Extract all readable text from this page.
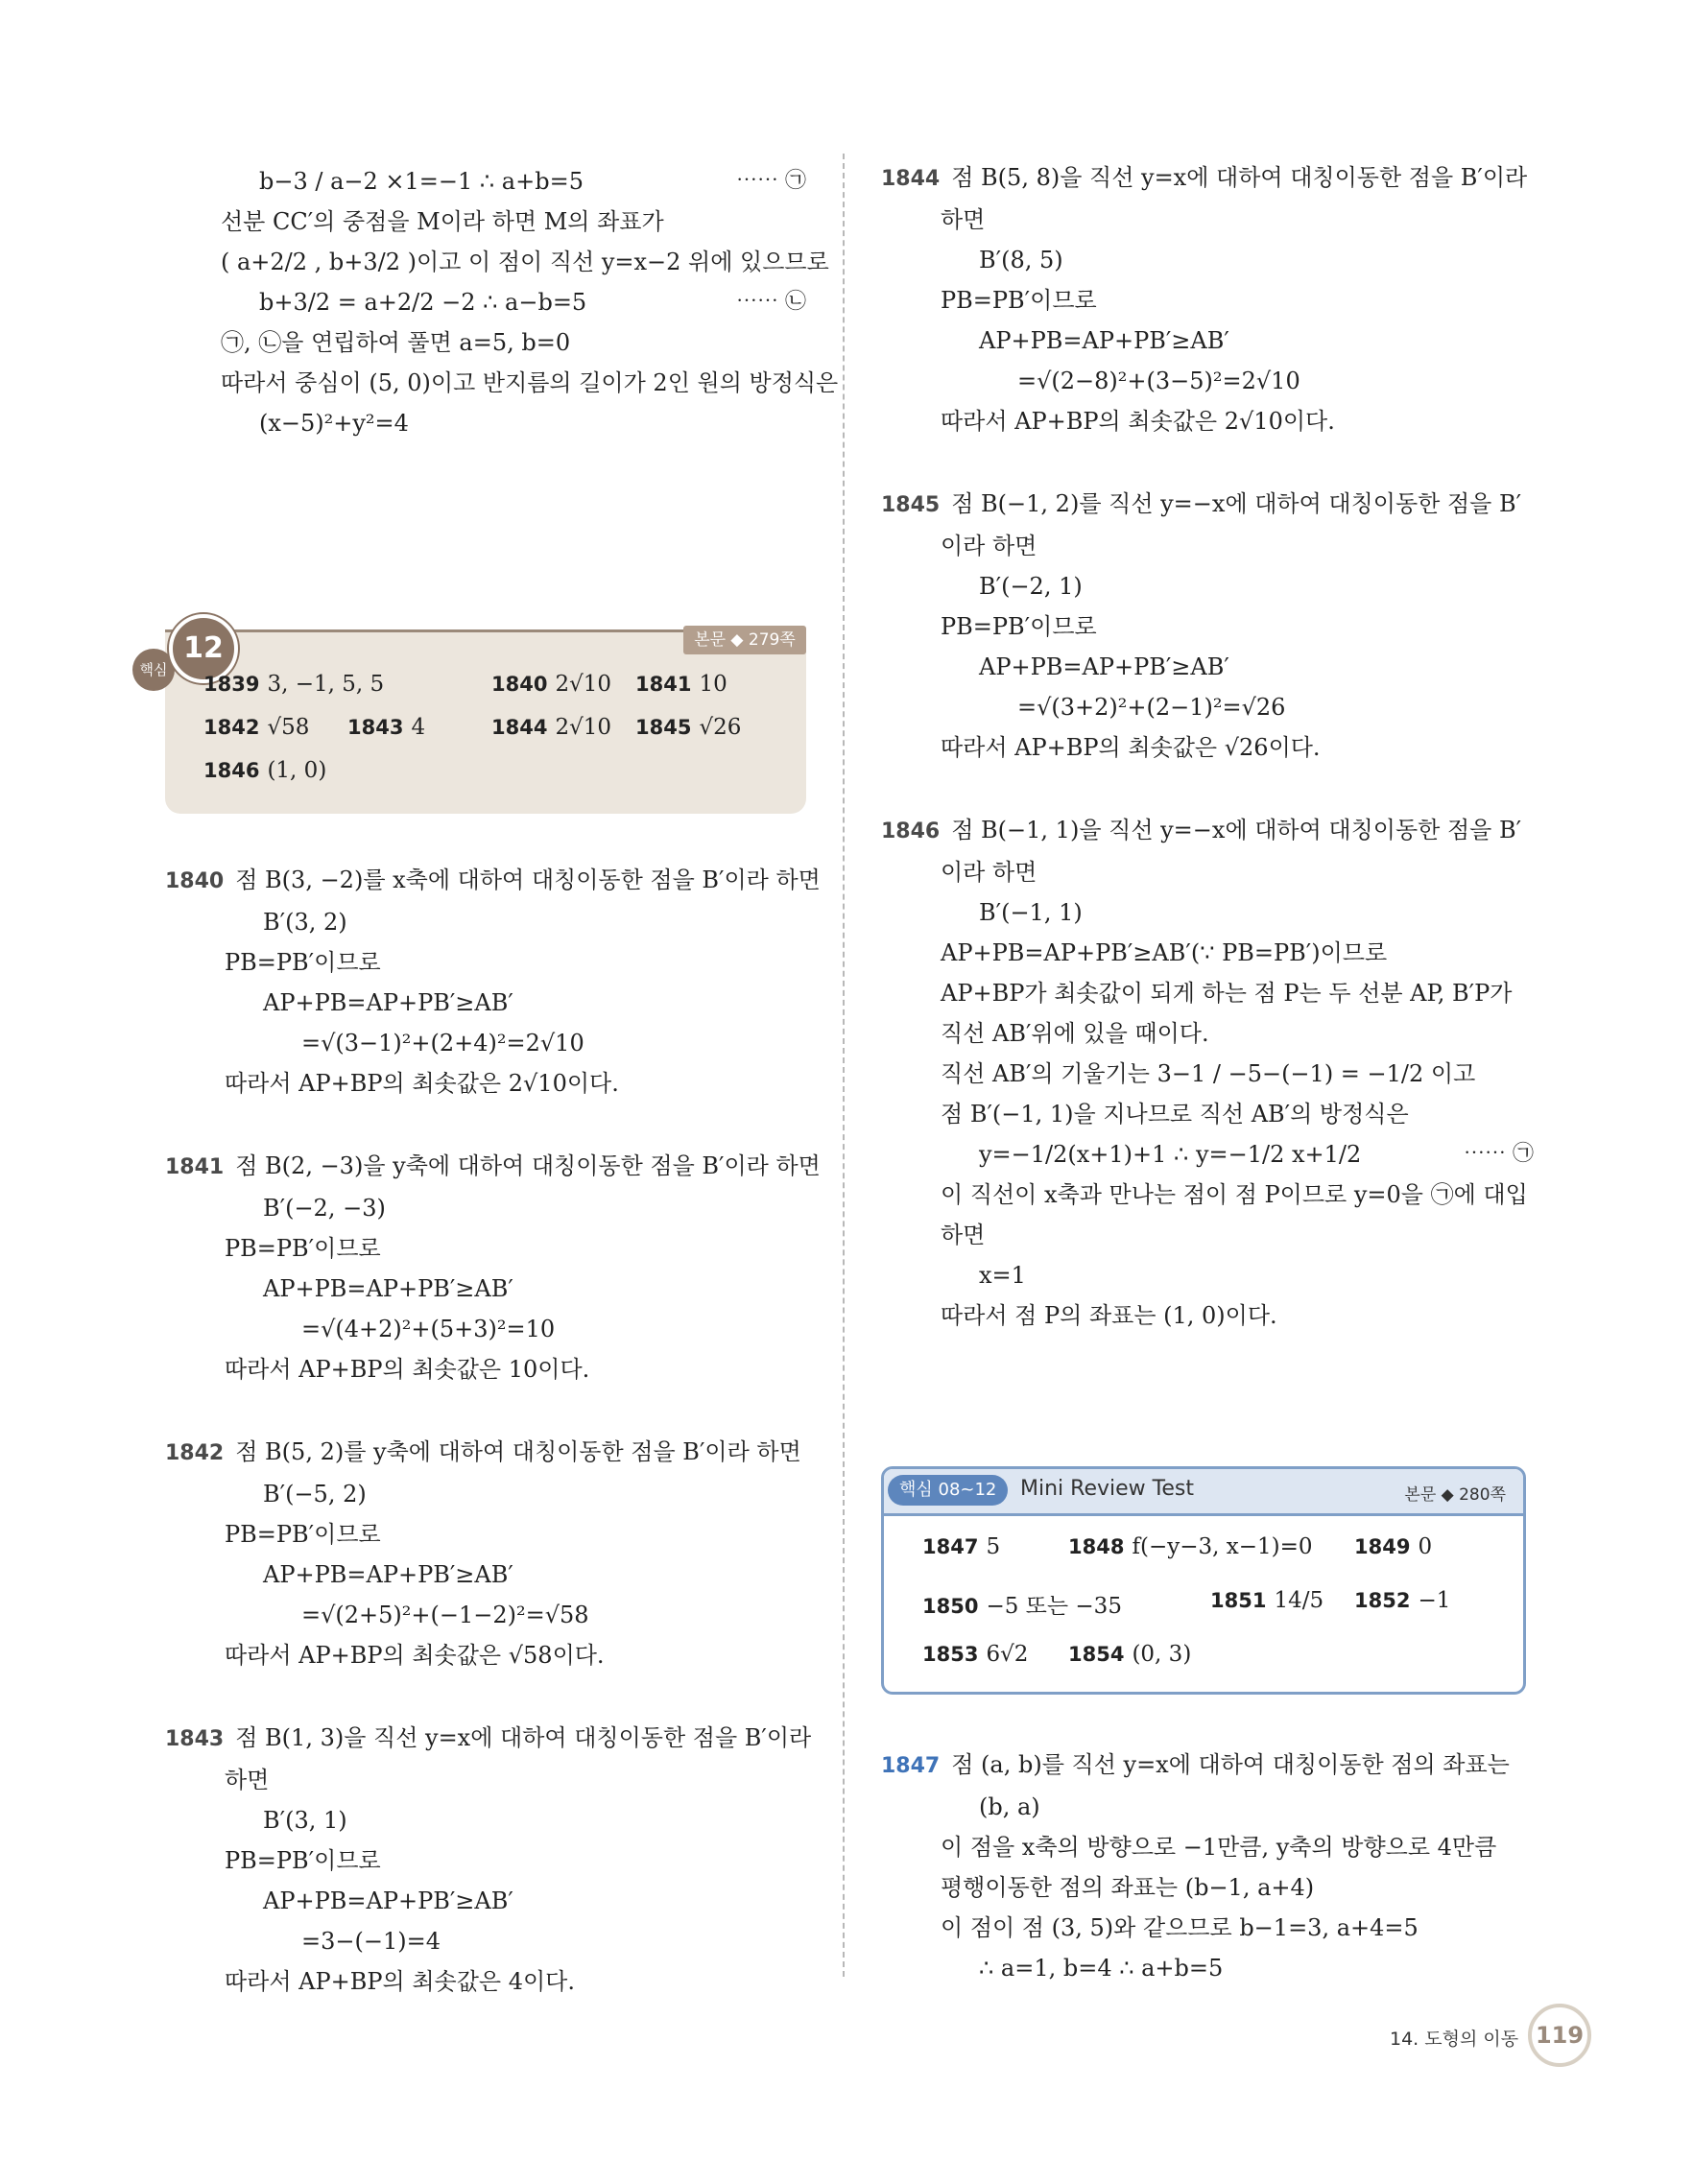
b−3 / a−2 ×1=−1 ∴ a+b=5	⋯⋯ ㉠
선분 CC′의 중점을 M이라 하면 M의 좌표가
( a+2/2 , b+3/2 )이고 이 점이 직선 y=x−2 위에 있으므로
b+3/2 = a+2/2 −2 ∴ a−b=5	⋯⋯ ㉡
㉠, ㉡을 연립하여 풀면 a=5, b=0
따라서 중심이 (5, 0)이고 반지름의 길이가 2인 원의 방정식은
(x−5)²+y²=4
핵심
12	본문 ◆ 279쪽
1839 3, −1, 5, 5	1840 2√10 1841 10
1842 √58 1843 4	1844 2√10 1845 √26
1846 (1, 0)
1840 점 B(3, −2)를 x축에 대하여 대칭이동한 점을 B′이라 하면
B′(3, 2)
PB=PB′이므로
AP+PB=AP+PB′≥AB′
=√(3−1)²+(2+4)²=2√10
따라서 AP+BP의 최솟값은 2√10이다.
1841 점 B(2, −3)을 y축에 대하여 대칭이동한 점을 B′이라 하면
B′(−2, −3)
PB=PB′이므로
AP+PB=AP+PB′≥AB′
=√(4+2)²+(5+3)²=10
따라서 AP+BP의 최솟값은 10이다.
1842 점 B(5, 2)를 y축에 대하여 대칭이동한 점을 B′이라 하면
B′(−5, 2)
PB=PB′이므로
AP+PB=AP+PB′≥AB′
=√(2+5)²+(−1−2)²=√58
따라서 AP+BP의 최솟값은 √58이다.
1843 점 B(1, 3)을 직선 y=x에 대하여 대칭이동한 점을 B′이라
하면
B′(3, 1)
PB=PB′이므로
AP+PB=AP+PB′≥AB′
=3−(−1)=4
따라서 AP+BP의 최솟값은 4이다.
1844 점 B(5, 8)을 직선 y=x에 대하여 대칭이동한 점을 B′이라
하면
B′(8, 5)
PB=PB′이므로
AP+PB=AP+PB′≥AB′
=√(2−8)²+(3−5)²=2√10
따라서 AP+BP의 최솟값은 2√10이다.
1845 점 B(−1, 2)를 직선 y=−x에 대하여 대칭이동한 점을 B′
이라 하면
B′(−2, 1)
PB=PB′이므로
AP+PB=AP+PB′≥AB′
=√(3+2)²+(2−1)²=√26
따라서 AP+BP의 최솟값은 √26이다.
1846 점 B(−1, 1)을 직선 y=−x에 대하여 대칭이동한 점을 B′
이라 하면
B′(−1, 1)
AP+PB=AP+PB′≥AB′(∵ PB=PB′)이므로
AP+BP가 최솟값이 되게 하는 점 P는 두 선분 AP, B′P가
직선 AB′위에 있을 때이다.
직선 AB′의 기울기는 3−1 / −5−(−1) = −1/2 이고
점 B′(−1, 1)을 지나므로 직선 AB′의 방정식은
y=−1/2(x+1)+1 ∴ y=−1/2 x+1/2	⋯⋯ ㉠
이 직선이 x축과 만나는 점이 점 P이므로 y=0을 ㉠에 대입
하면
x=1
따라서 점 P의 좌표는 (1, 0)이다.
핵심 08~12	Mini Review Test	본문 ◆ 280쪽
1847 5	1848 f(−y−3, x−1)=0 1849 0
1850 −5 또는 −35	1851 14/5 1852 −1
1853 6√2 1854 (0, 3)
1847 점 (a, b)를 직선 y=x에 대하여 대칭이동한 점의 좌표는
(b, a)
이 점을 x축의 방향으로 −1만큼, y축의 방향으로 4만큼
평행이동한 점의 좌표는 (b−1, a+4)
이 점이 점 (3, 5)와 같으므로 b−1=3, a+4=5
∴ a=1, b=4 ∴ a+b=5
14. 도형의 이동 119
